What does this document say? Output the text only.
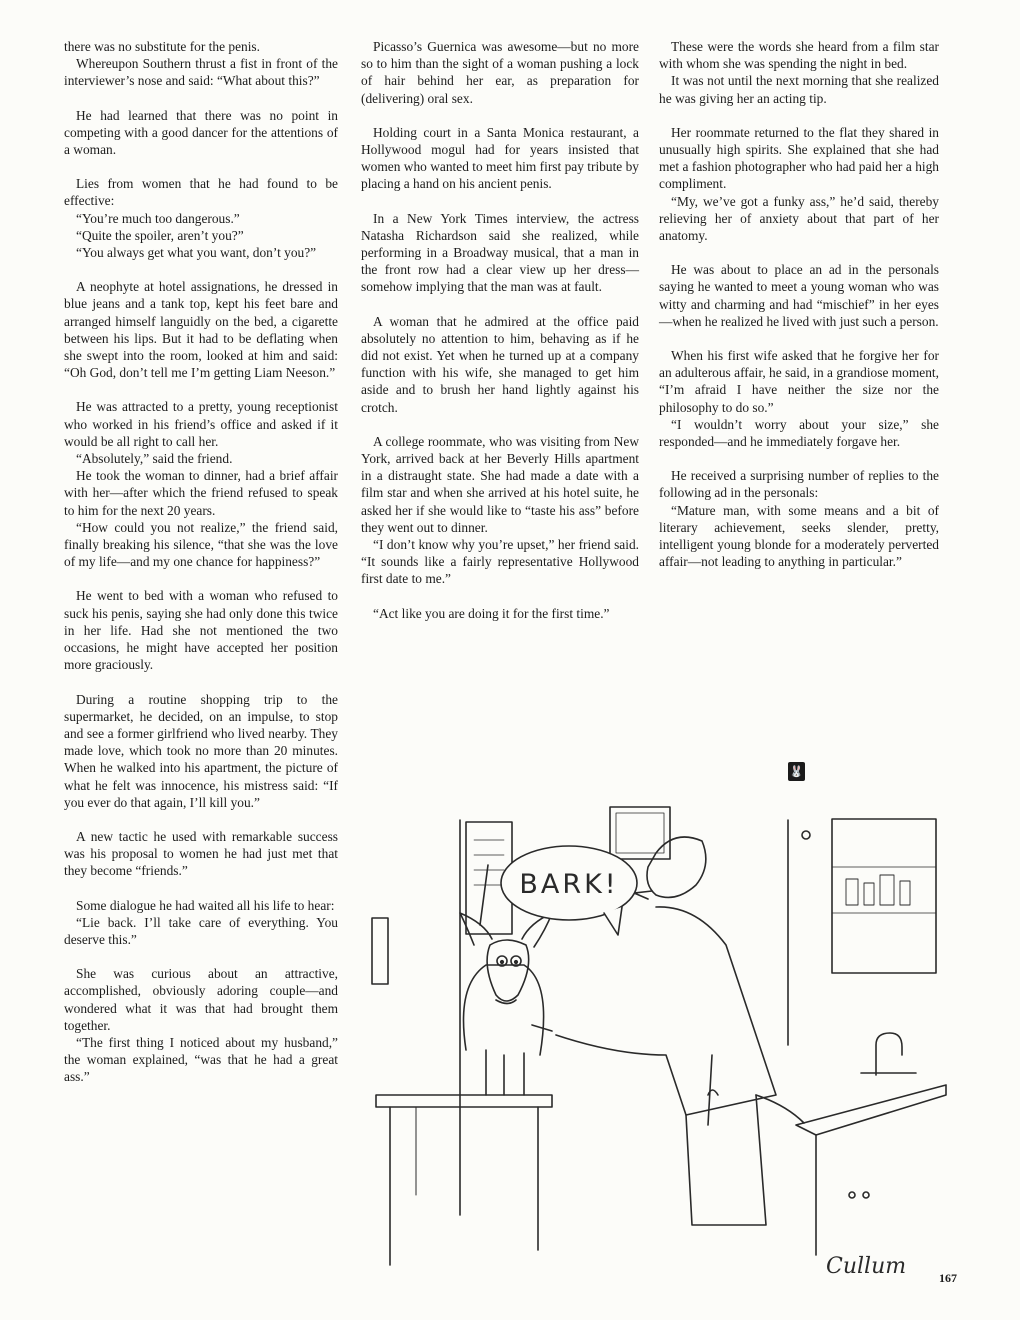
there was no substitute for the penis.

Whereupon Southern thrust a fist in front of the interviewer’s nose and said: “What about this?”

He had learned that there was no point in competing with a good dancer for the attentions of a woman.

Lies from women that he had found to be effective:

“You’re much too dangerous.”

“Quite the spoiler, aren’t you?”

“You always get what you want, don’t you?”

A neophyte at hotel assignations, he dressed in blue jeans and a tank top, kept his feet bare and arranged himself languidly on the bed, a cigarette between his lips. But it had to be deflating when she swept into the room, looked at him and said: “Oh God, don’t tell me I’m getting Liam Neeson.”

He was attracted to a pretty, young receptionist who worked in his friend’s office and asked if it would be all right to call her.

“Absolutely,” said the friend.

He took the woman to dinner, had a brief affair with her—after which the friend refused to speak to him for the next 20 years.

“How could you not realize,” the friend said, finally breaking his silence, “that she was the love of my life—and my one chance for happiness?”

He went to bed with a woman who refused to suck his penis, saying she had only done this twice in her life. Had she not mentioned the two occasions, he might have accepted her position more graciously.

During a routine shopping trip to the supermarket, he decided, on an impulse, to stop and see a former girlfriend who lived nearby. They made love, which took no more than 20 minutes. When he walked into his apartment, the picture of what he felt was innocence, his mistress said: “If you ever do that again, I’ll kill you.”

A new tactic he used with remarkable success was his proposal to women he had just met that they become “friends.”

Some dialogue he had waited all his life to hear:

“Lie back. I’ll take care of everything. You deserve this.”

She was curious about an attractive, accomplished, obviously adoring couple—and wondered what it was that had brought them together.

“The first thing I noticed about my husband,” the woman explained, “was that he had a great ass.”

Picasso’s Guernica was awesome—but no more so to him than the sight of a woman pushing a lock of hair behind her ear, as preparation for (delivering) oral sex.

Holding court in a Santa Monica restaurant, a Hollywood mogul had for years insisted that women who wanted to meet him first pay tribute by placing a hand on his ancient penis.

In a New York Times interview, the actress Natasha Richardson said she realized, while performing in a Broadway musical, that a man in the front row had a clear view up her dress—somehow implying that the man was at fault.

A woman that he admired at the office paid absolutely no attention to him, behaving as if he did not exist. Yet when he turned up at a company function with his wife, she managed to get him aside and to brush her hand lightly against his crotch.

A college roommate, who was visiting from New York, arrived back at her Beverly Hills apartment in a distraught state. She had made a date with a film star and when she arrived at his hotel suite, he asked her if she would like to “taste his ass” before they went out to dinner.

“I don’t know why you’re upset,” her friend said. “It sounds like a fairly representative Hollywood first date to me.”

“Act like you are doing it for the first time.”

These were the words she heard from a film star with whom she was spending the night in bed.

It was not until the next morning that she realized he was giving her an acting tip.

Her roommate returned to the flat they shared in unusually high spirits. She explained that she had met a fashion photographer who had paid her a high compliment.

“My, we’ve got a funky ass,” he’d said, thereby relieving her of anxiety about that part of her anatomy.

He was about to place an ad in the personals saying he wanted to meet a young woman who was witty and charming and had “mischief” in her eyes—when he realized he lived with just such a person.

When his first wife asked that he forgive her for an adulterous affair, he said, in a grandiose moment, “I’m afraid I have neither the size nor the philosophy to do so.”

“I wouldn’t worry about your size,” she responded—and he immediately forgave her.

He received a surprising number of replies to the following ad in the personals:

“Mature man, with some means and a bit of literary achievement, seeks slender, pretty, intelligent young blonde for a moderately perverted affair—not leading to anything in particular.”

🐰
BARK!
Cullum	167
